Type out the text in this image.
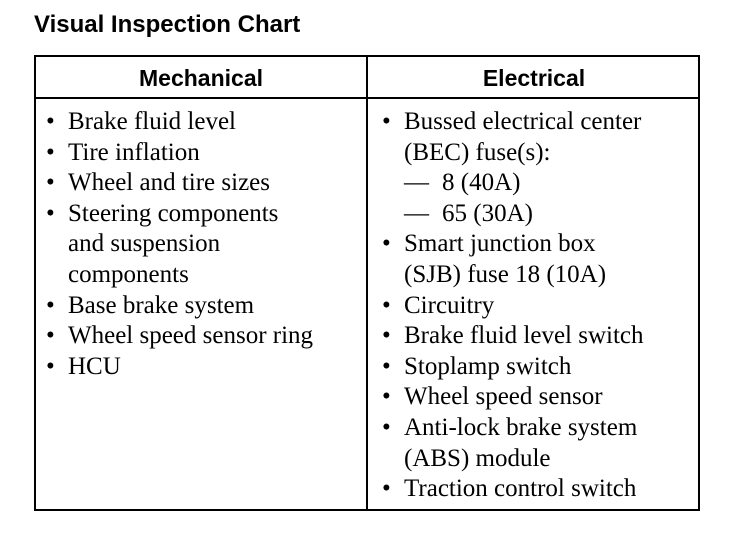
Visual Inspection Chart
Mechanical	Electrical
• Brake fluid level
• Tire inflation
• Wheel and tire sizes
• Steering components
and suspension
components
• Base brake system
• Wheel speed sensor ring
• HCU
• Bussed electrical center
(BEC) fuse(s):
— 8 (40A)
— 65 (30A)
• Smart junction box
(SJB) fuse 18 (10A)
• Circuitry
• Brake fluid level switch
• Stoplamp switch
• Wheel speed sensor
• Anti-lock brake system
(ABS) module
• Traction control switch
